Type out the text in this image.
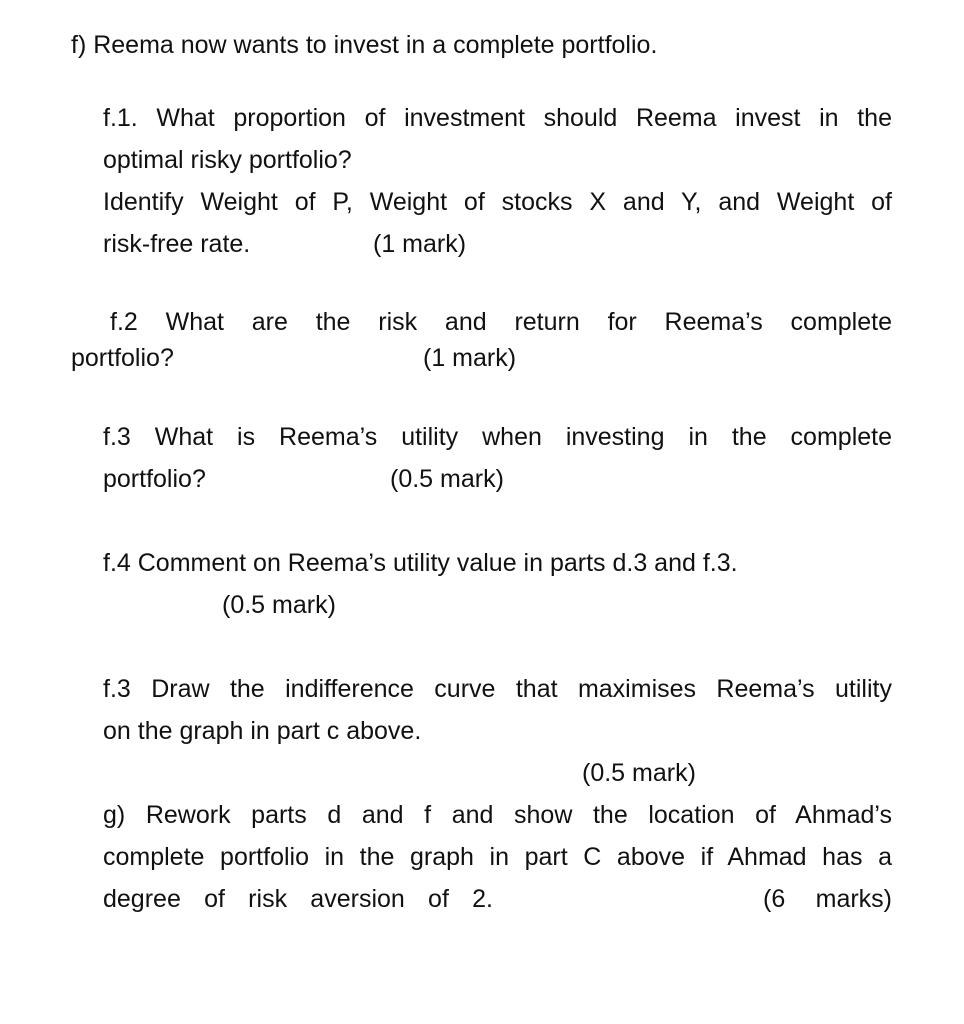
f) Reema now wants to invest in a complete portfolio.
f.1. What proportion of investment should Reema invest in the
optimal risky portfolio?
Identify Weight of P, Weight of stocks X and Y, and Weight of
risk-free rate.	(1 mark)
f.2 What are the risk and return for Reema’s complete
portfolio?	(1 mark)
f.3 What is Reema’s utility when investing in the complete
portfolio?	(0.5 mark)
f.4 Comment on Reema’s utility value in parts d.3 and f.3.
(0.5 mark)
f.3 Draw the indifference curve that maximises Reema’s utility
on the graph in part c above.
(0.5 mark)
g) Rework parts d and f and show the location of Ahmad’s
complete portfolio in the graph in part C above if Ahmad has a
degree of risk aversion of 2.	(6 marks)
